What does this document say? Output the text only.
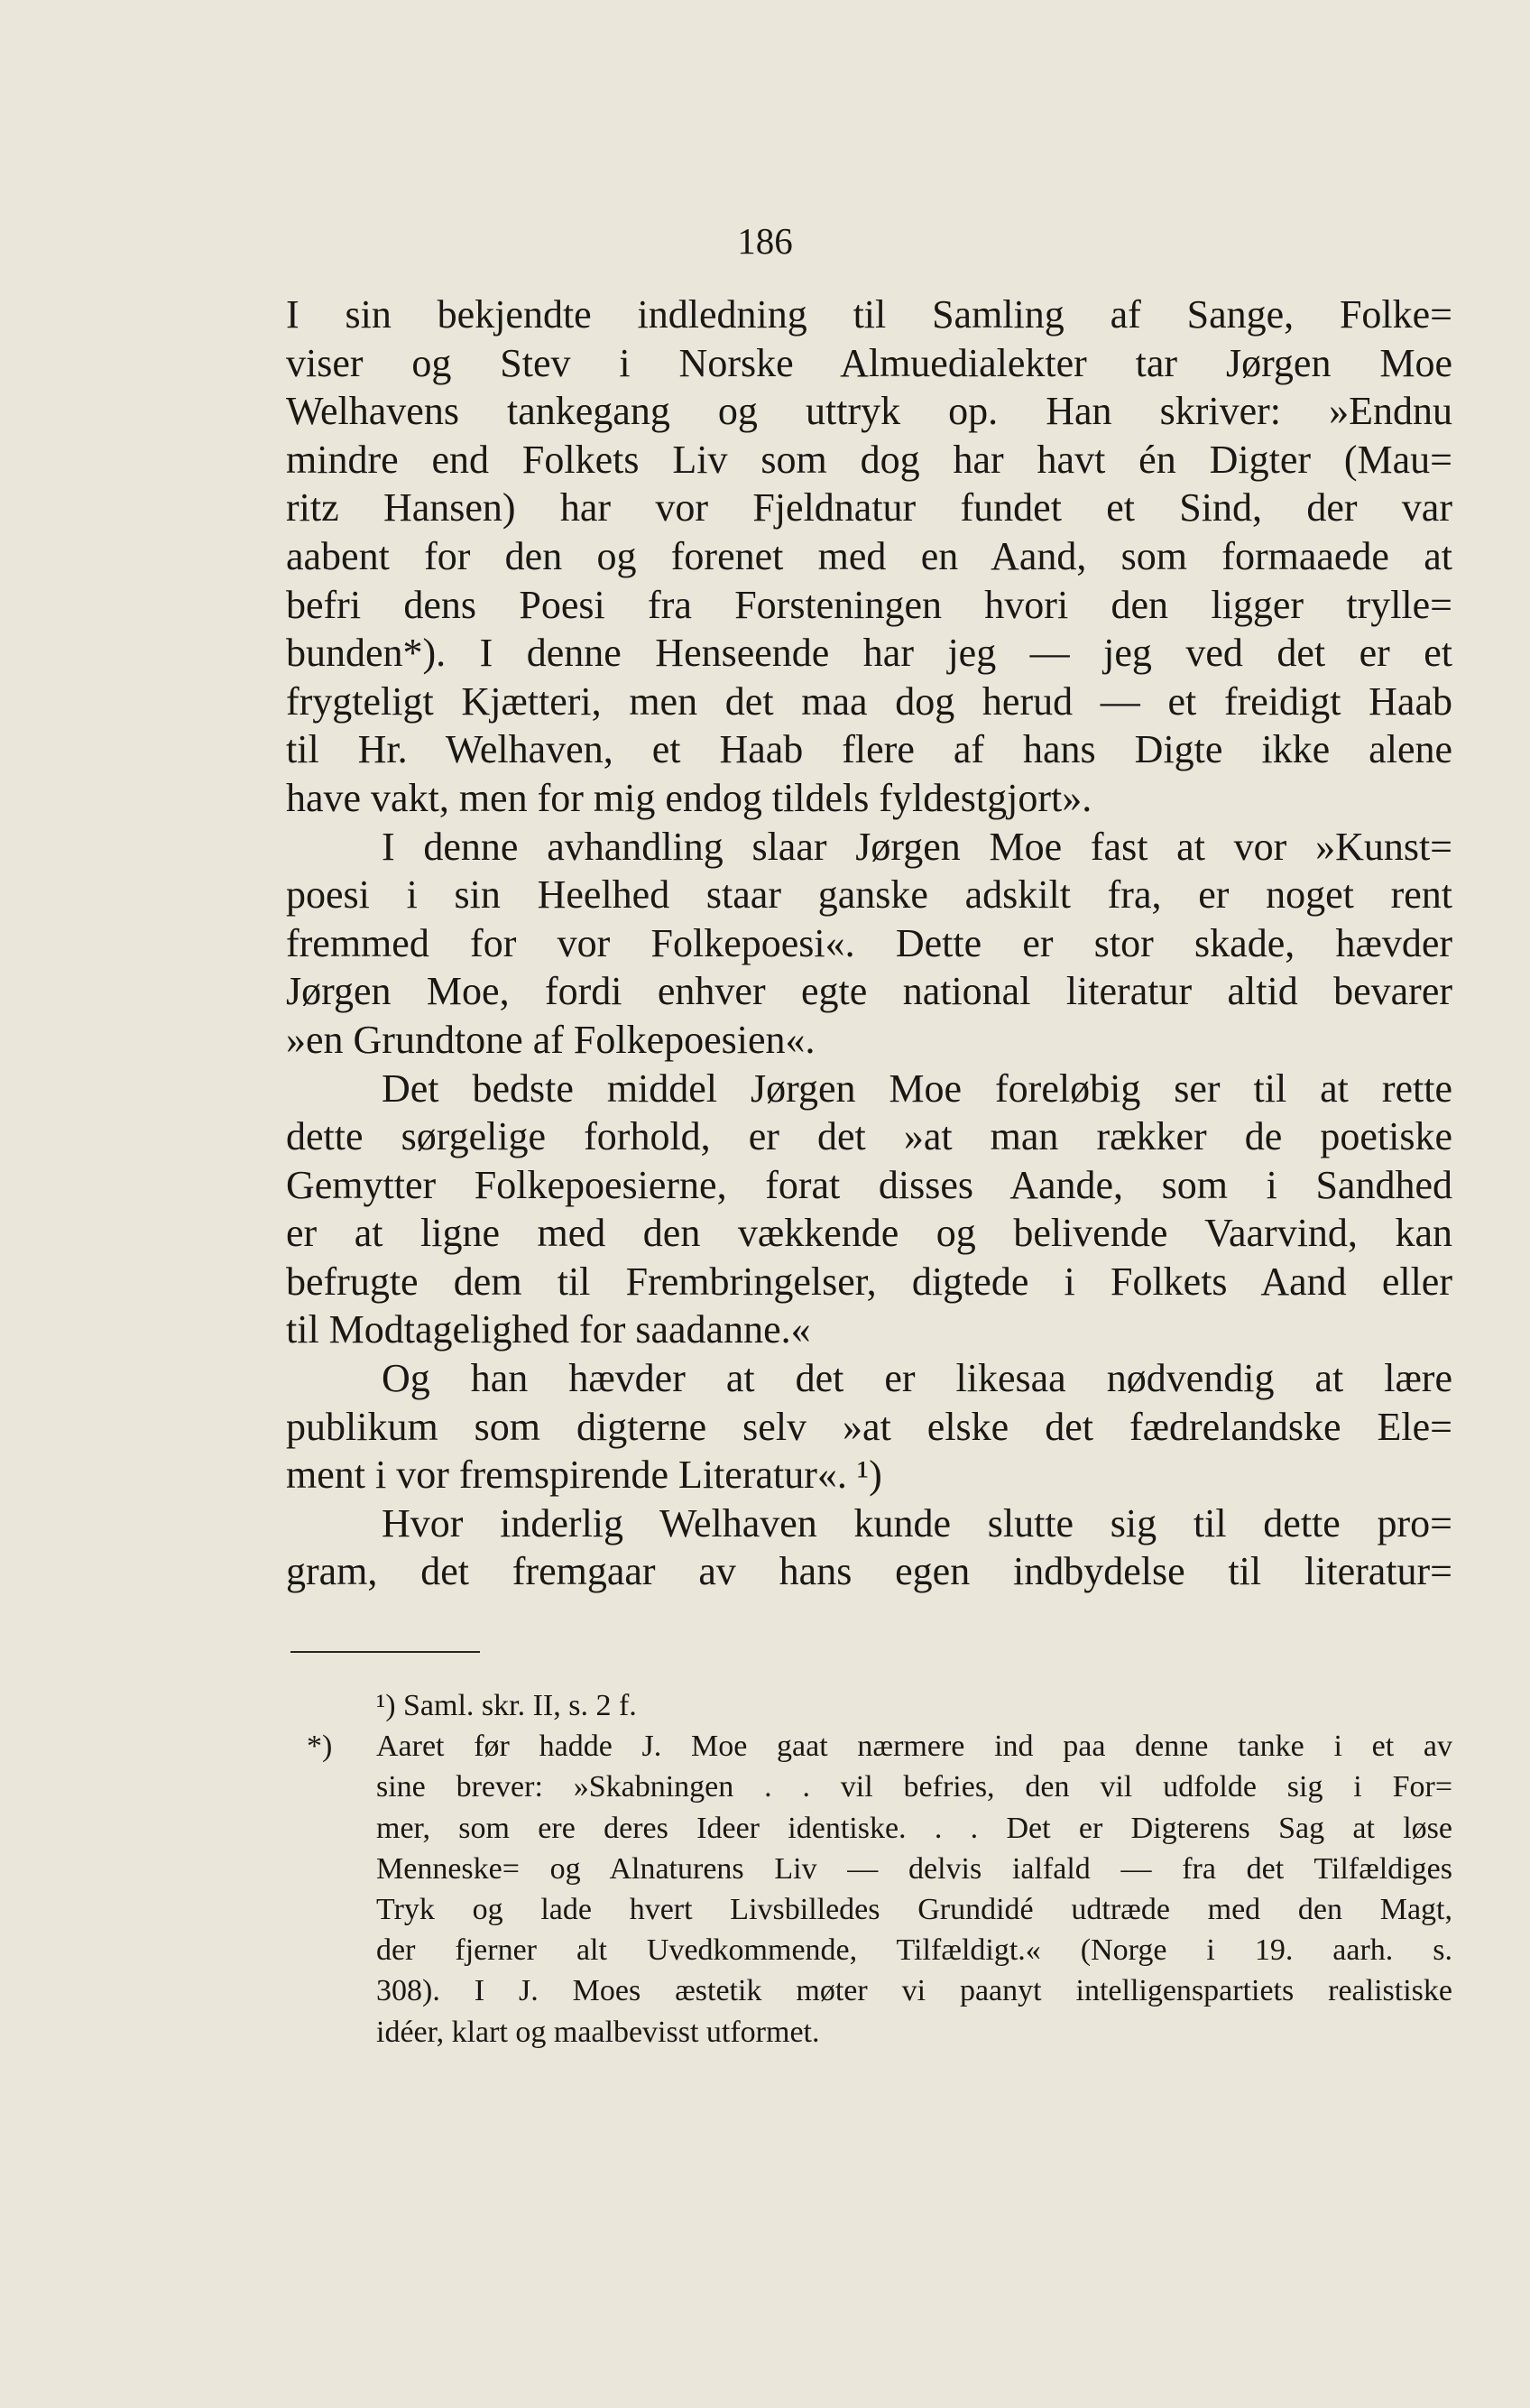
186
I sin bekjendte indledning til Samling af Sange, Folke=
viser og Stev i Norske Almuedialekter tar Jørgen Moe
Welhavens tankegang og uttryk op. Han skriver: »Endnu
mindre end Folkets Liv som dog har havt én Digter (Mau=
ritz Hansen) har vor Fjeldnatur fundet et Sind, der var
aabent for den og forenet med en Aand, som formaaede at
befri dens Poesi fra Forsteningen hvori den ligger trylle=
bunden*). I denne Henseende har jeg — jeg ved det er et
frygteligt Kjætteri, men det maa dog herud — et freidigt Haab
til Hr. Welhaven, et Haab flere af hans Digte ikke alene
have vakt, men for mig endog tildels fyldestgjort».
I denne avhandling slaar Jørgen Moe fast at vor »Kunst=
poesi i sin Heelhed staar ganske adskilt fra, er noget rent
fremmed for vor Folkepoesi«. Dette er stor skade, hævder
Jørgen Moe, fordi enhver egte national literatur altid bevarer
»en Grundtone af Folkepoesien«.
Det bedste middel Jørgen Moe foreløbig ser til at rette
dette sørgelige forhold, er det »at man rækker de poetiske
Gemytter Folkepoesierne, forat disses Aande, som i Sandhed
er at ligne med den vækkende og belivende Vaarvind, kan
befrugte dem til Frembringelser, digtede i Folkets Aand eller
til Modtagelighed for saadanne.«
Og han hævder at det er likesaa nødvendig at lære
publikum som digterne selv »at elske det fædrelandske Ele=
ment i vor fremspirende Literatur«. ¹)
Hvor inderlig Welhaven kunde slutte sig til dette pro=
gram, det fremgaar av hans egen indbydelse til literatur=
¹) Saml. skr. II, s. 2 f.
*) Aaret før hadde J. Moe gaat nærmere ind paa denne tanke i et av
sine brever: »Skabningen . . vil befries, den vil udfolde sig i For=
mer, som ere deres Ideer identiske. . . Det er Digterens Sag at løse
Menneske= og Alnaturens Liv — delvis ialfald — fra det Tilfældiges
Tryk og lade hvert Livsbilledes Grundidé udtræde med den Magt,
der fjerner alt Uvedkommende, Tilfældigt.« (Norge i 19. aarh. s.
308). I J. Moes æstetik møter vi paanyt intelligenspartiets realistiske
idéer, klart og maalbevisst utformet.
